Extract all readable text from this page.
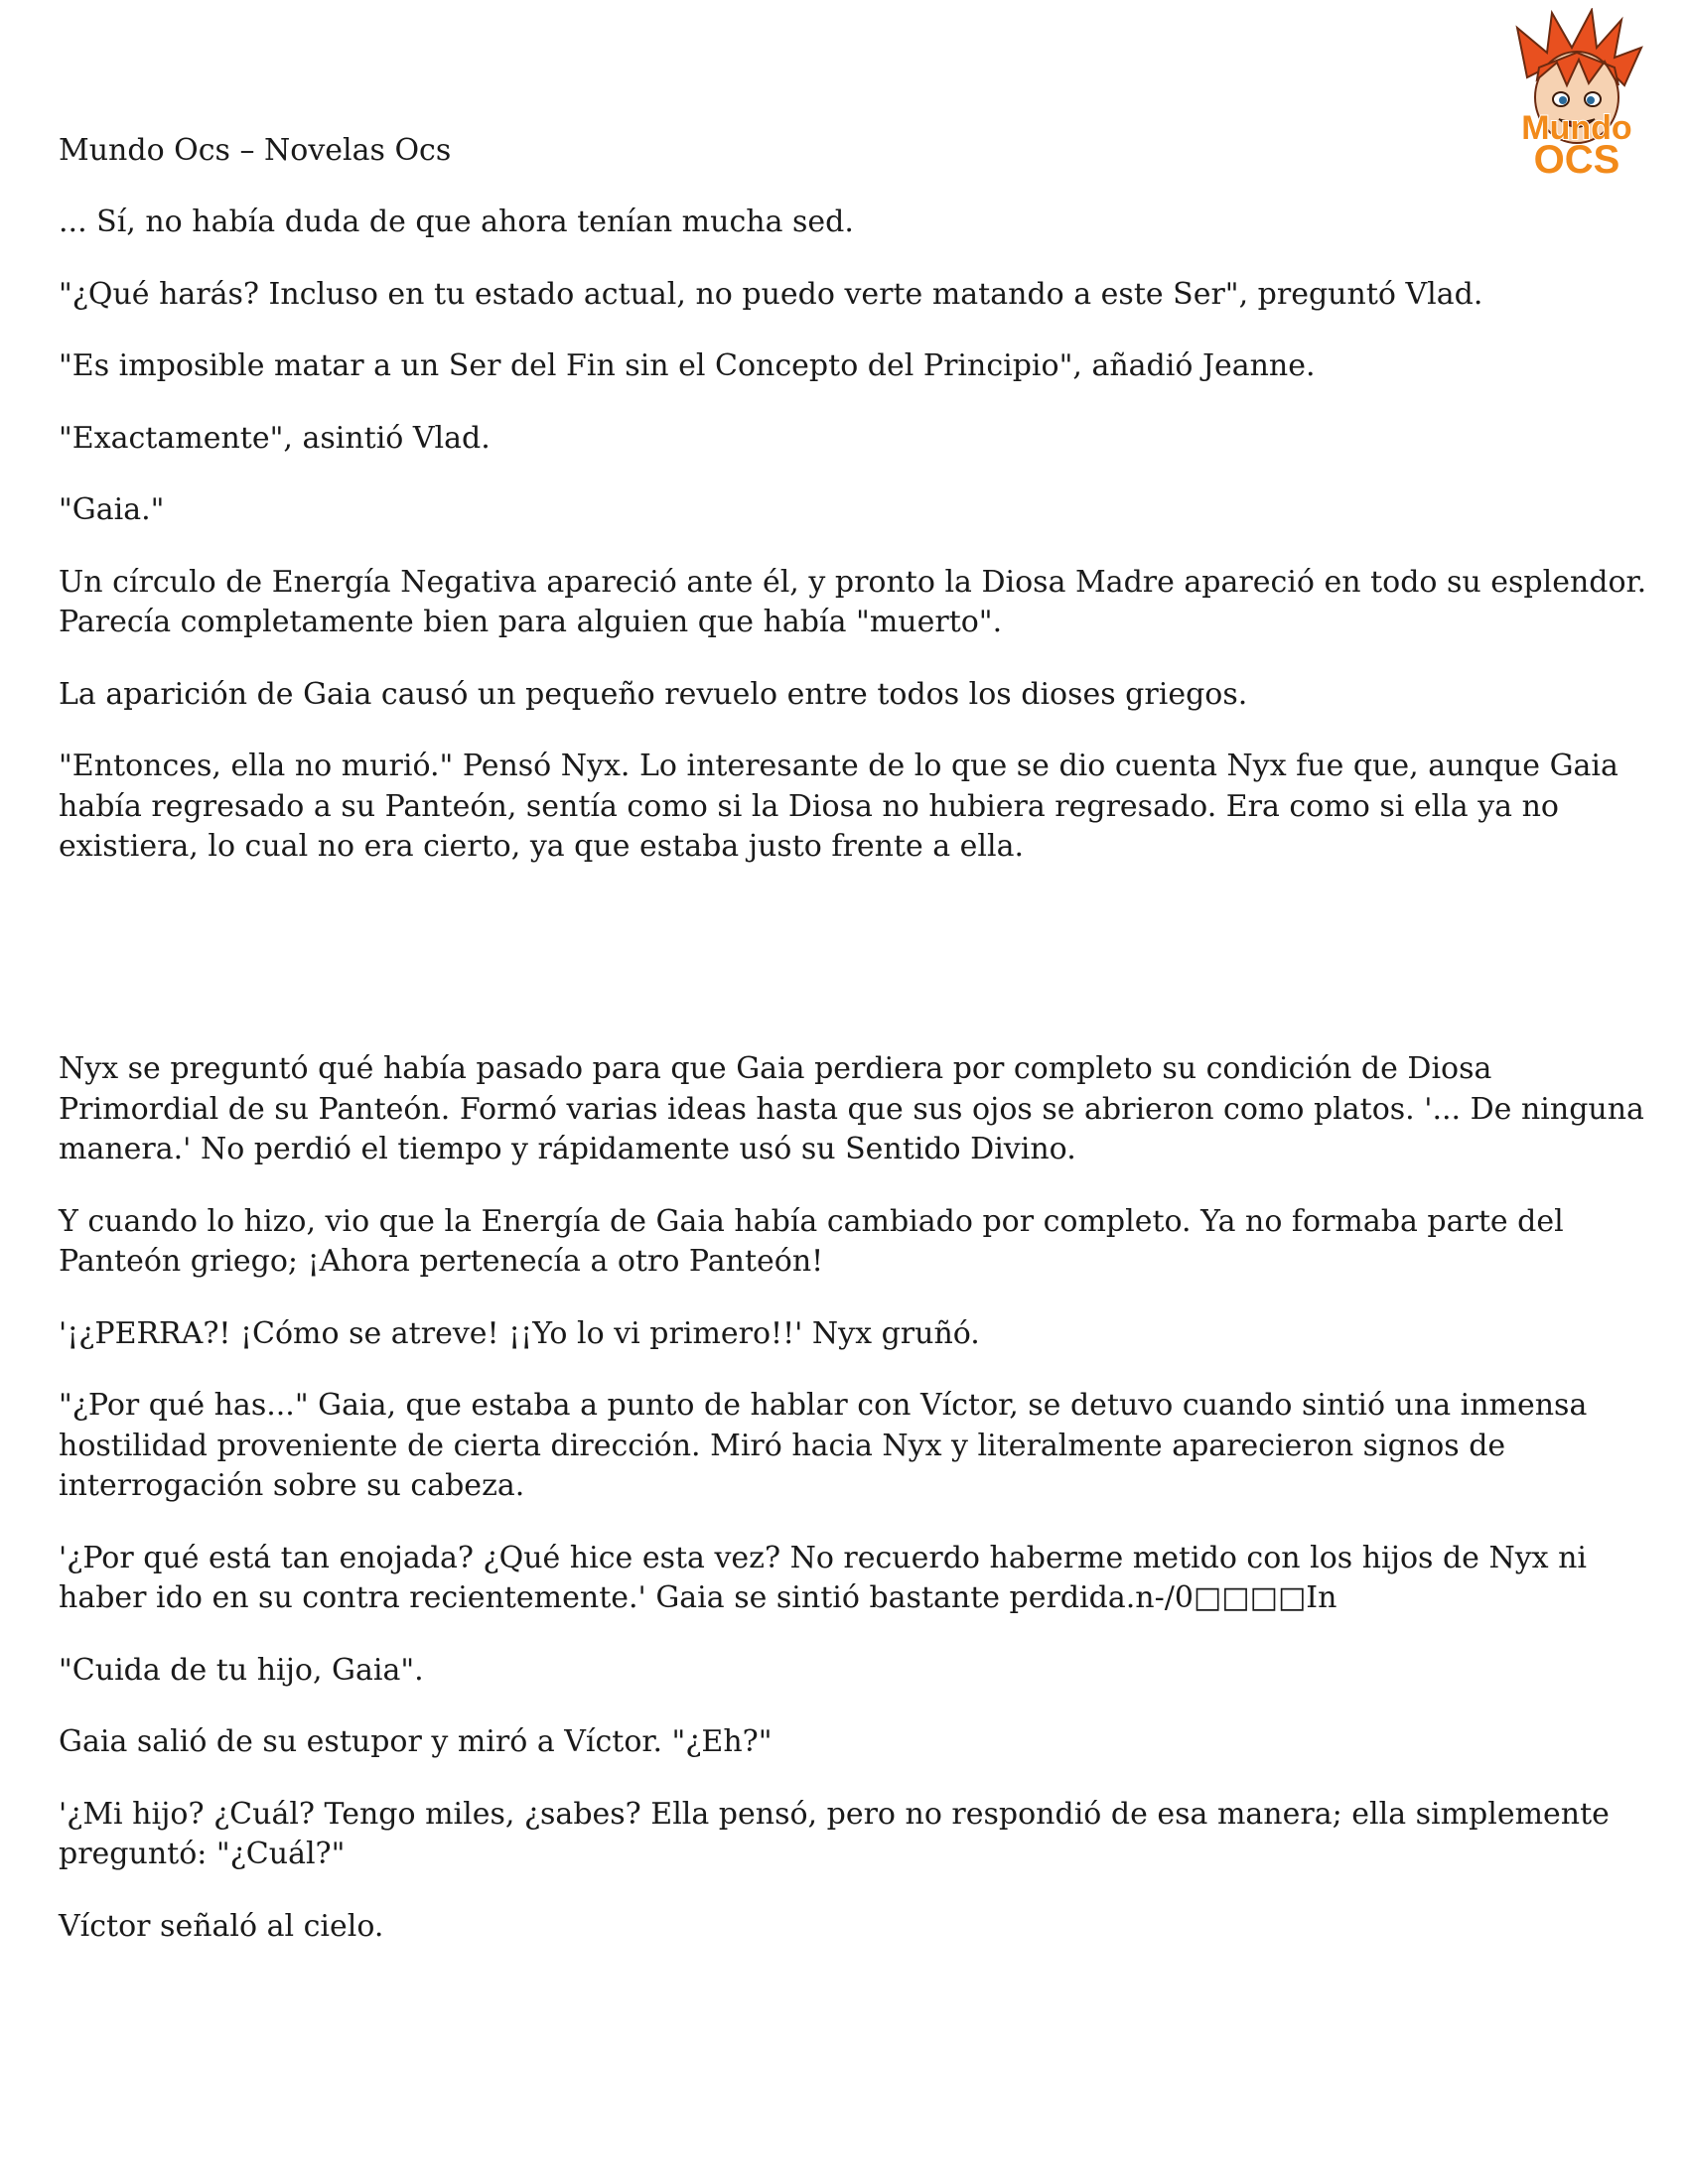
Mundo Ocs – Novelas Ocs
Mundo
OCS

... Sí, no había duda de que ahora tenían mucha sed.

"¿Qué harás? Incluso en tu estado actual, no puedo verte matando a este Ser", preguntó Vlad.

"Es imposible matar a un Ser del Fin sin el Concepto del Principio", añadió Jeanne.

"Exactamente", asintió Vlad.

"Gaia."

Un círculo de Energía Negativa apareció ante él, y pronto la Diosa Madre apareció en todo su esplendor. Parecía completamente bien para alguien que había "muerto".

La aparición de Gaia causó un pequeño revuelo entre todos los dioses griegos.

"Entonces, ella no murió." Pensó Nyx. Lo interesante de lo que se dio cuenta Nyx fue que, aunque Gaia había regresado a su Panteón, sentía como si la Diosa no hubiera regresado. Era como si ella ya no existiera, lo cual no era cierto, ya que estaba justo frente a ella.

Nyx se preguntó qué había pasado para que Gaia perdiera por completo su condición de Diosa Primordial de su Panteón. Formó varias ideas hasta que sus ojos se abrieron como platos. '... De ninguna manera.' No perdió el tiempo y rápidamente usó su Sentido Divino.

Y cuando lo hizo, vio que la Energía de Gaia había cambiado por completo. Ya no formaba parte del Panteón griego; ¡Ahora pertenecía a otro Panteón!

'¡¿PERRA?! ¡Cómo se atreve! ¡¡Yo lo vi primero!!' Nyx gruñó.

"¿Por qué has..." Gaia, que estaba a punto de hablar con Víctor, se detuvo cuando sintió una inmensa hostilidad proveniente de cierta dirección. Miró hacia Nyx y literalmente aparecieron signos de interrogación sobre su cabeza.

'¿Por qué está tan enojada? ¿Qué hice esta vez? No recuerdo haberme metido con los hijos de Nyx ni haber ido en su contra recientemente.' Gaia se sintió bastante perdida.n-/0□□□□In

"Cuida de tu hijo, Gaia".

Gaia salió de su estupor y miró a Víctor. "¿Eh?"

'¿Mi hijo? ¿Cuál? Tengo miles, ¿sabes? Ella pensó, pero no respondió de esa manera; ella simplemente preguntó: "¿Cuál?"

Víctor señaló al cielo.
